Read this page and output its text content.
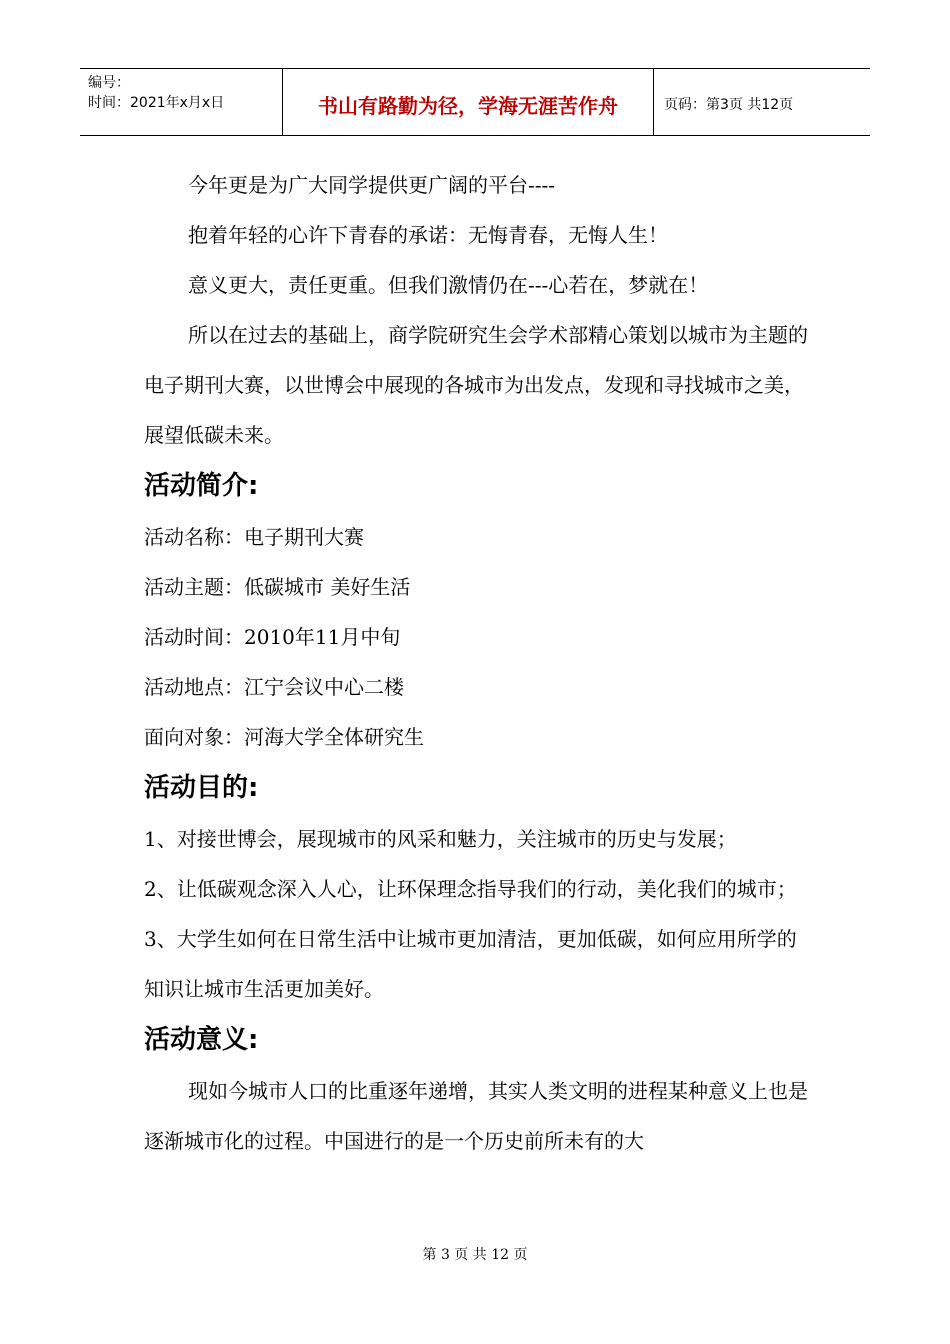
编号：
时间：2021年x月x日	书山有路勤为径，学海无涯苦作舟	页码：第3页 共12页

今年更是为广大同学提供更广阔的平台----

抱着年轻的心许下青春的承诺：无悔青春，无悔人生！

意义更大，责任更重。但我们激情仍在---心若在，梦就在！

所以在过去的基础上，商学院研究生会学术部精心策划以城市为主题的电子期刊大赛，以世博会中展现的各城市为出发点，发现和寻找城市之美，展望低碳未来。

活动简介:

活动名称：电子期刊大赛

活动主题：低碳城市 美好生活

活动时间：2010年11月中旬

活动地点：江宁会议中心二楼

面向对象：河海大学全体研究生

活动目的:

1、对接世博会，展现城市的风采和魅力，关注城市的历史与发展；

2、让低碳观念深入人心，让环保理念指导我们的行动，美化我们的城市；

3、大学生如何在日常生活中让城市更加清洁，更加低碳，如何应用所学的知识让城市生活更加美好。

活动意义:

现如今城市人口的比重逐年递增，其实人类文明的进程某种意义上也是逐渐城市化的过程。中国进行的是一个历史前所未有的大

第 3 页 共 12 页
